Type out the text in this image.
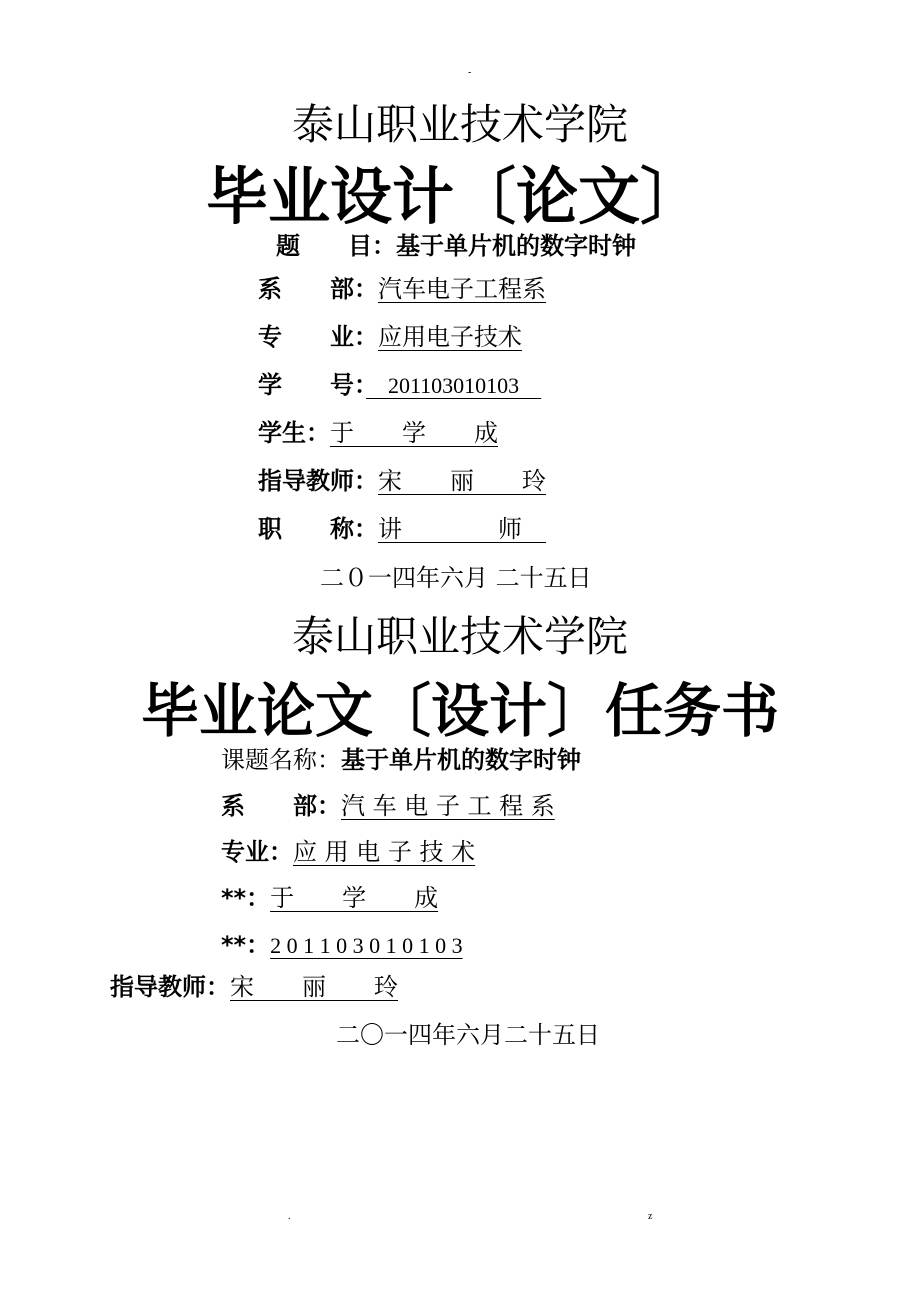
-
泰山职业技术学院
毕业设计〔论文〕
题　　目：基于单片机的数字时钟
系　　部：汽车电子工程系
专　　业：应用电子技术
学　　号：　201103010103　
学生：于　　学　　成
指导教师：宋　　丽　　玲
职　　称：讲　　　　师　
二０一四年六月 二十五日
泰山职业技术学院
毕业论文〔设计〕任务书
课题名称：基于单片机的数字时钟
系　　部：汽 车 电 子 工 程 系
专业：应 用 电 子 技 术
**：于　　学　　成
**：2 0 1 1 0 3 0 1 0 1 0 3
指导教师：宋　　丽　　玲
二〇一四年六月二十五日
.	z
